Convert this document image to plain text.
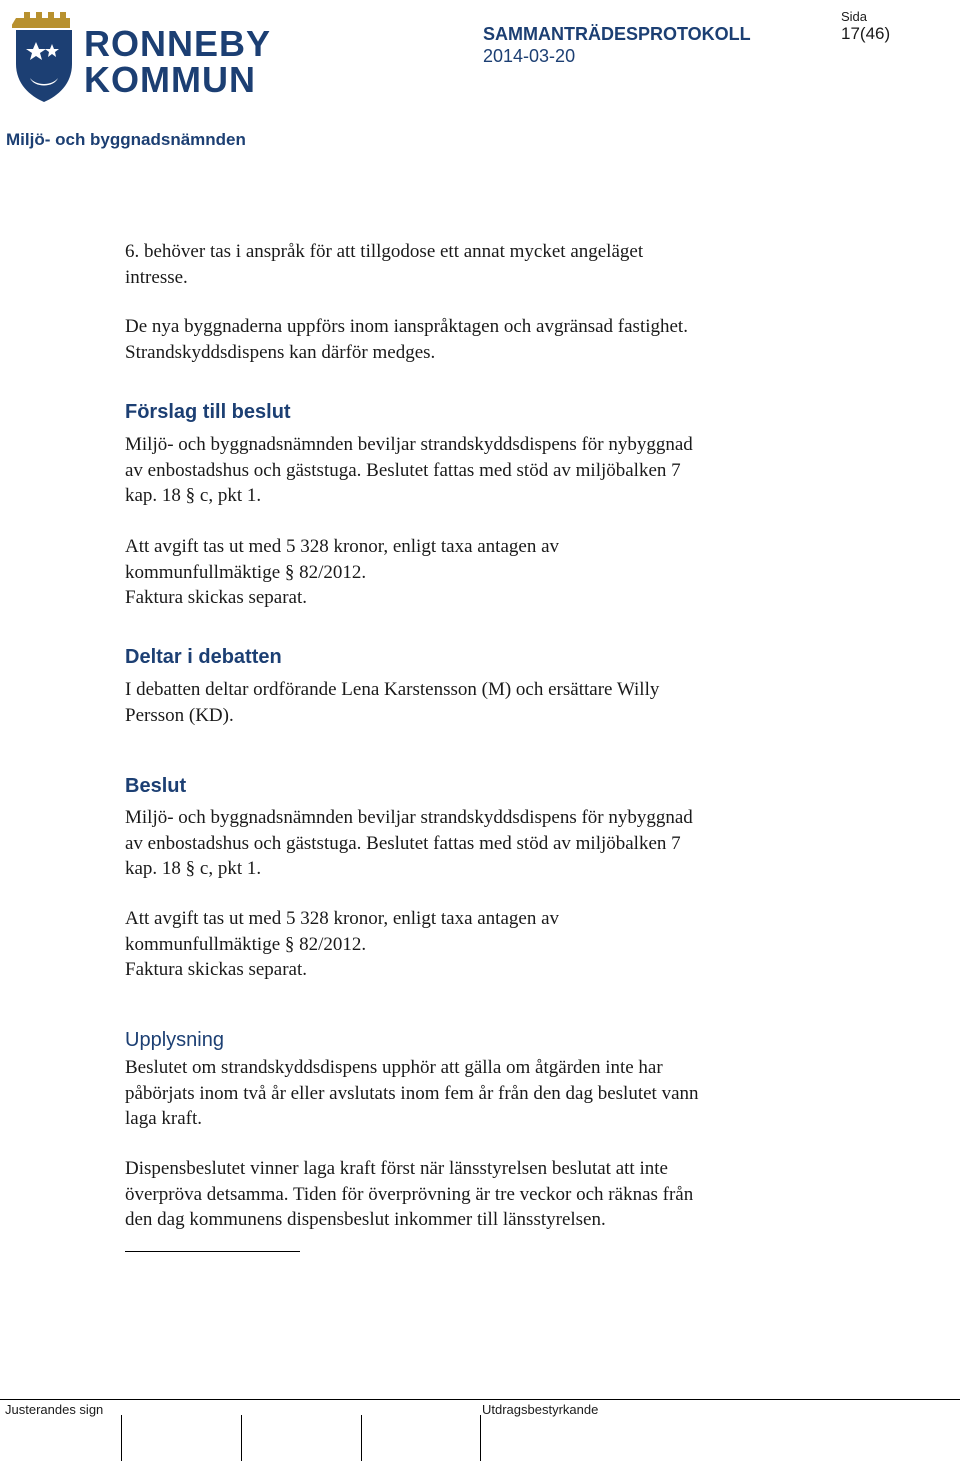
RONNEBY
KOMMUN
SAMMANTRÄDESPROTOKOLL
2014-03-20
Sida
17(46)
Miljö- och byggnadsnämnden
6. behöver tas i anspråk för att tillgodose ett annat mycket angeläget
intresse.
De nya byggnaderna uppförs inom ianspråktagen och avgränsad fastighet.
Strandskyddsdispens kan därför medges.
Förslag till beslut
Miljö- och byggnadsnämnden beviljar strandskyddsdispens för nybyggnad
av enbostadshus och gäststuga. Beslutet fattas med stöd av miljöbalken 7
kap. 18 § c, pkt 1.
Att avgift tas ut med 5 328 kronor, enligt taxa antagen av
kommunfullmäktige § 82/2012.
Faktura skickas separat.
Deltar i debatten
I debatten deltar ordförande Lena Karstensson (M) och ersättare Willy
Persson (KD).
Beslut
Miljö- och byggnadsnämnden beviljar strandskyddsdispens för nybyggnad
av enbostadshus och gäststuga. Beslutet fattas med stöd av miljöbalken 7
kap. 18 § c, pkt 1.
Att avgift tas ut med 5 328 kronor, enligt taxa antagen av
kommunfullmäktige § 82/2012.
Faktura skickas separat.
Upplysning
Beslutet om strandskyddsdispens upphör att gälla om åtgärden inte har
påbörjats inom två år eller avslutats inom fem år från den dag beslutet vann
laga kraft.
Dispensbeslutet vinner laga kraft först när länsstyrelsen beslutat att inte
överpröva detsamma. Tiden för överprövning är tre veckor och räknas från
den dag kommunens dispensbeslut inkommer till länsstyrelsen.
Justerandes sign	Utdragsbestyrkande
